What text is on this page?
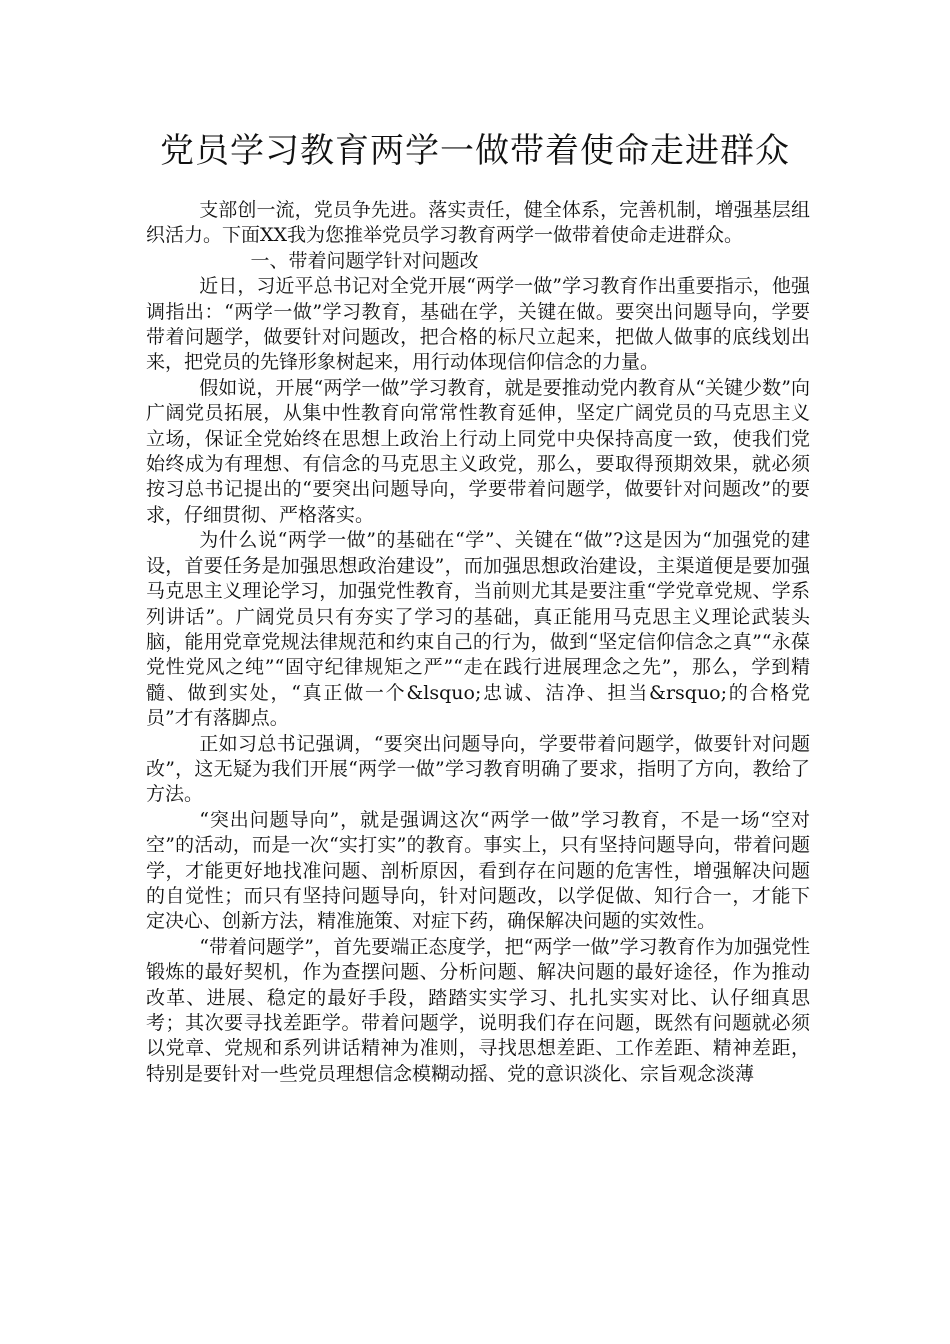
党员学习教育两学一做带着使命走进群众

支部创一流，党员争先进。落实责任，健全体系，完善机制，增强基层组织活力。下面XX我为您推举党员学习教育两学一做带着使命走进群众。

一、带着问题学针对问题改

近日，习近平总书记对全党开展“两学一做”学习教育作出重要指示，他强调指出：“两学一做”学习教育，基础在学，关键在做。要突出问题导向，学要带着问题学，做要针对问题改，把合格的标尺立起来，把做人做事的底线划出来，把党员的先锋形象树起来，用行动体现信仰信念的力量。

假如说，开展“两学一做”学习教育，就是要推动党内教育从“关键少数”向广阔党员拓展，从集中性教育向常常性教育延伸，坚定广阔党员的马克思主义立场，保证全党始终在思想上政治上行动上同党中央保持高度一致，使我们党始终成为有理想、有信念的马克思主义政党，那么，要取得预期效果，就必须按习总书记提出的“要突出问题导向，学要带着问题学，做要针对问题改”的要求，仔细贯彻、严格落实。

为什么说“两学一做”的基础在“学”、关键在“做”?这是因为“加强党的建设，首要任务是加强思想政治建设”，而加强思想政治建设，主渠道便是要加强马克思主义理论学习，加强党性教育，当前则尤其是要注重“学党章党规、学系列讲话”。广阔党员只有夯实了学习的基础，真正能用马克思主义理论武装头脑，能用党章党规法律规范和约束自己的行为，做到“坚定信仰信念之真”“永葆党性党风之纯”“固守纪律规矩之严”“走在践行进展理念之先”，那么，学到精髓、做到实处，“真正做一个&lsquo;忠诚、洁净、担当&rsquo;的合格党员”才有落脚点。

正如习总书记强调，“要突出问题导向，学要带着问题学，做要针对问题改”，这无疑为我们开展“两学一做”学习教育明确了要求，指明了方向，教给了方法。

“突出问题导向”，就是强调这次“两学一做”学习教育，不是一场“空对空”的活动，而是一次“实打实”的教育。事实上，只有坚持问题导向，带着问题学，才能更好地找准问题、剖析原因，看到存在问题的危害性，增强解决问题的自觉性；而只有坚持问题导向，针对问题改，以学促做、知行合一，才能下定决心、创新方法，精准施策、对症下药，确保解决问题的实效性。

“带着问题学”，首先要端正态度学，把“两学一做”学习教育作为加强党性锻炼的最好契机，作为查摆问题、分析问题、解决问题的最好途径，作为推动改革、进展、稳定的最好手段，踏踏实实学习、扎扎实实对比、认仔细真思考；其次要寻找差距学。带着问题学，说明我们存在问题，既然有问题就必须以党章、党规和系列讲话精神为准则，寻找思想差距、工作差距、精神差距，特别是要针对一些党员理想信念模糊动摇、党的意识淡化、宗旨观念淡薄
